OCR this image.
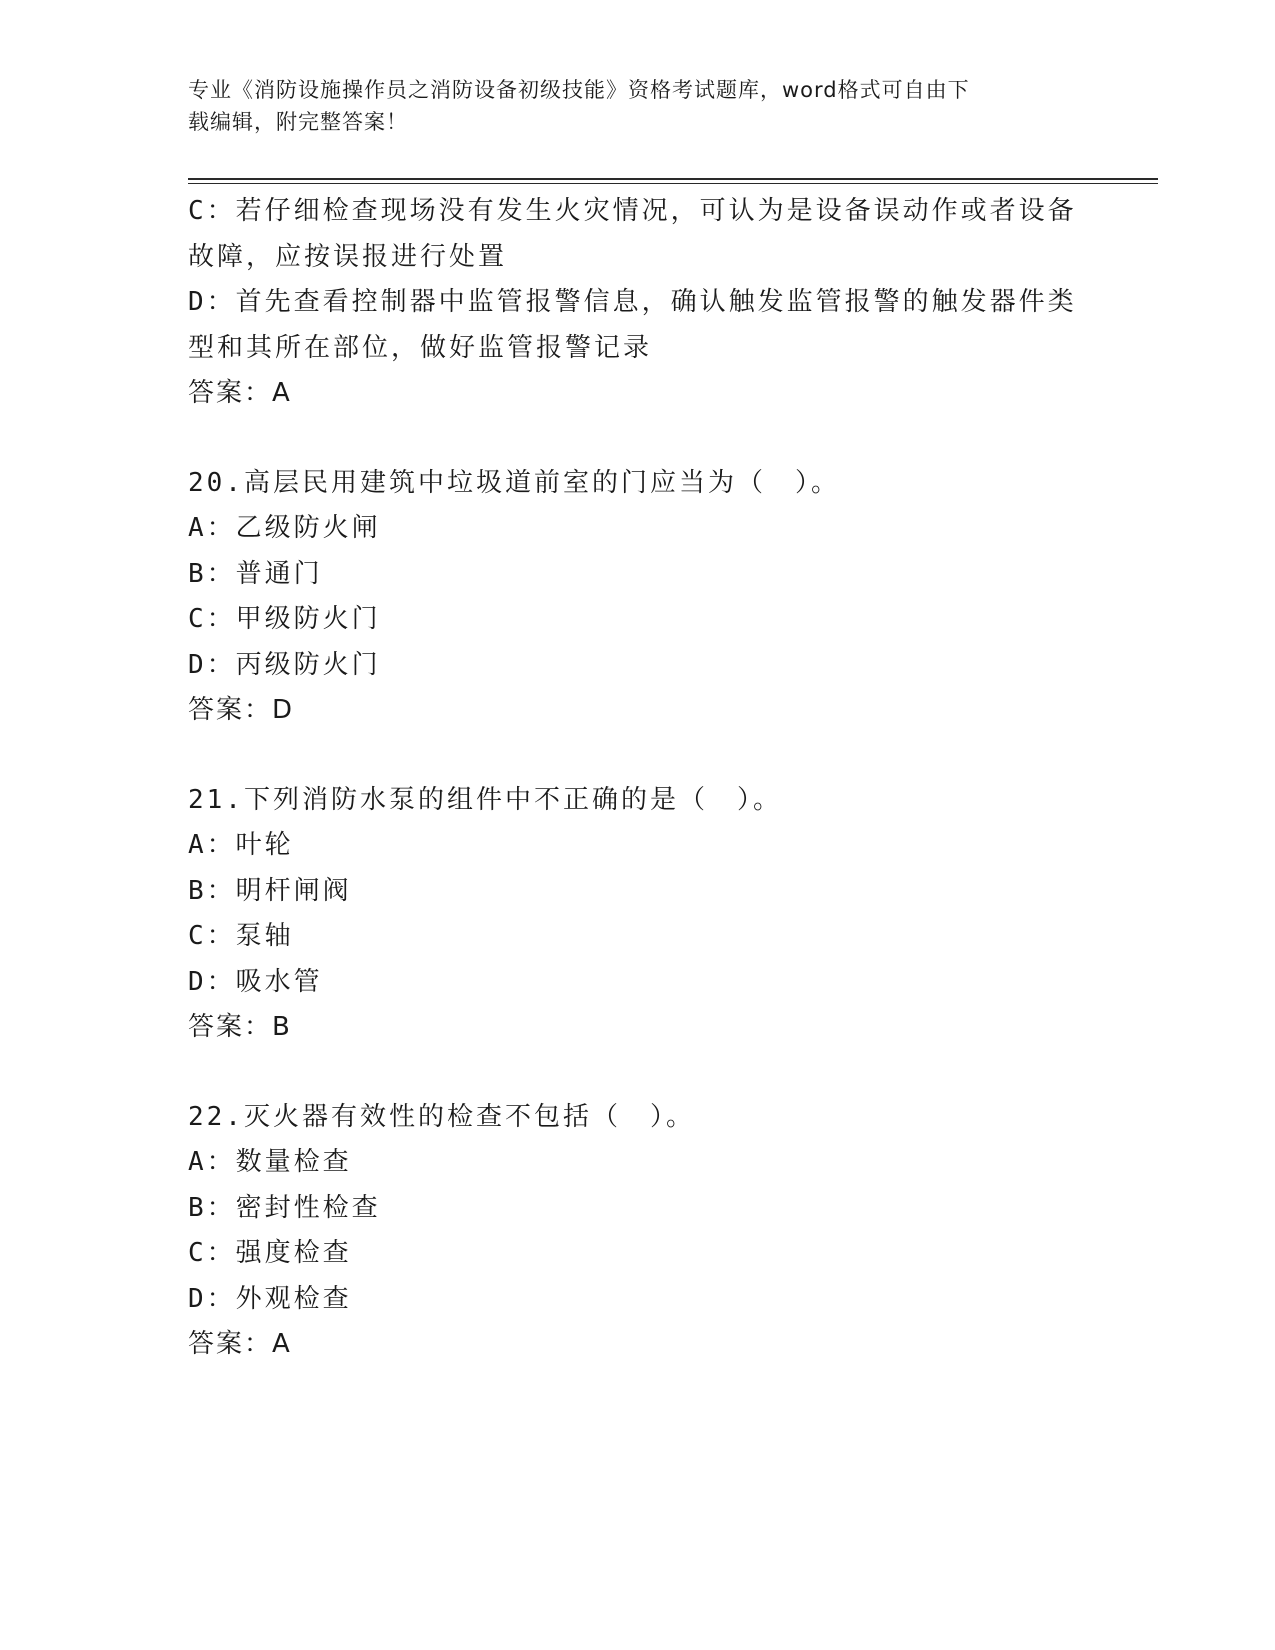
专业《消防设施操作员之消防设备初级技能》资格考试题库，word格式可自由下
载编辑，附完整答案！
C：若仔细检查现场没有发生火灾情况，可认为是设备误动作或者设备
故障，应按误报进行处置
D：首先查看控制器中监管报警信息，确认触发监管报警的触发器件类
型和其所在部位，做好监管报警记录
答案：A
20.高层民用建筑中垃圾道前室的门应当为（　）。
A：乙级防火闸
B：普通门
C：甲级防火门
D：丙级防火门
答案：D
21.下列消防水泵的组件中不正确的是（　）。
A：叶轮
B：明杆闸阀
C：泵轴
D：吸水管
答案：B
22.灭火器有效性的检查不包括（　）。
A：数量检查
B：密封性检查
C：强度检查
D：外观检查
答案：A
